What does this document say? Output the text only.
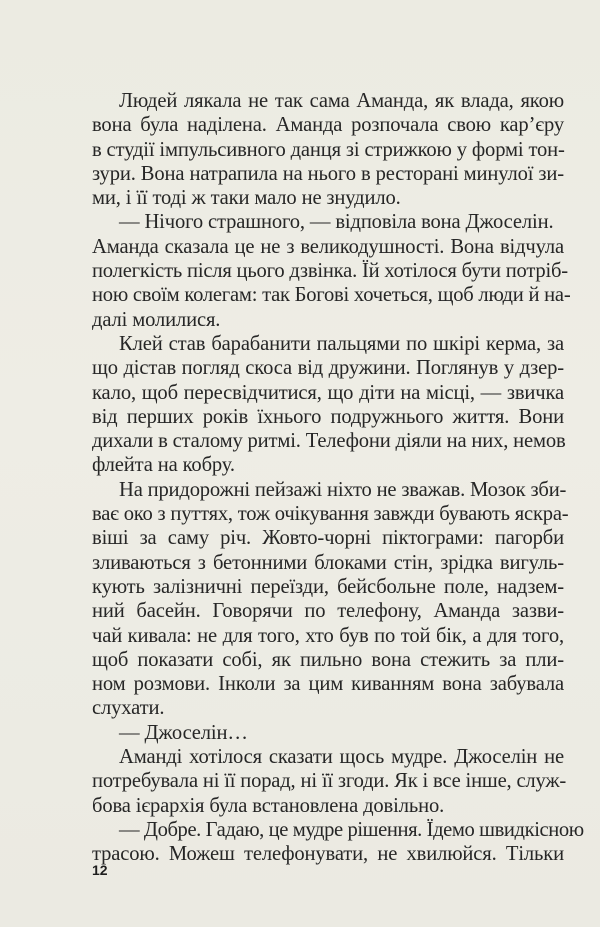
Людей лякала не так сама Аманда, як влада, якою
вона була наділена. Аманда розпочала свою кар’єру
в студії імпульсивного данця зі стрижкою у формі тон-
зури. Вона натрапила на нього в ресторані минулої зи-
ми, і її тоді ж таки мало не знудило.
— Нічого страшного, — відповіла вона Джоселін.
Аманда сказала це не з великодушності. Вона відчула
полегкість після цього дзвінка. Їй хотілося бути потріб-
ною своїм колегам: так Богові хочеться, щоб люди й на-
далі молилися.
Клей став барабанити пальцями по шкірі керма, за
що дістав погляд скоса від дружини. Поглянув у дзер-
кало, щоб пересвідчитися, що діти на місці, — звичка
від перших років їхнього подружнього життя. Вони
дихали в сталому ритмі. Телефони діяли на них, немов
флейта на кобру.
На придорожні пейзажі ніхто не зважав. Мозок зби-
ває око з путтях, тож очікування завжди бувають яскра-
віші за саму річ. Жовто-чорні піктограми: пагорби
зливаються з бетонними блоками стін, зрідка вигуль-
кують залізничні переїзди, бейсбольне поле, надзем-
ний басейн. Говорячи по телефону, Аманда зазви-
чай кивала: не для того, хто був по той бік, а для того,
щоб показати собі, як пильно вона стежить за пли-
ном розмови. Інколи за цим киванням вона забувала
слухати.
— Джоселін…
Аманді хотілося сказати щось мудре. Джоселін не
потребувала ні її порад, ні її згоди. Як і все інше, служ-
бова ієрархія була встановлена довільно.
— Добре. Гадаю, це мудре рішення. Їдемо швидкісною
трасою. Можеш телефонувати, не хвилюйся. Тільки
12
